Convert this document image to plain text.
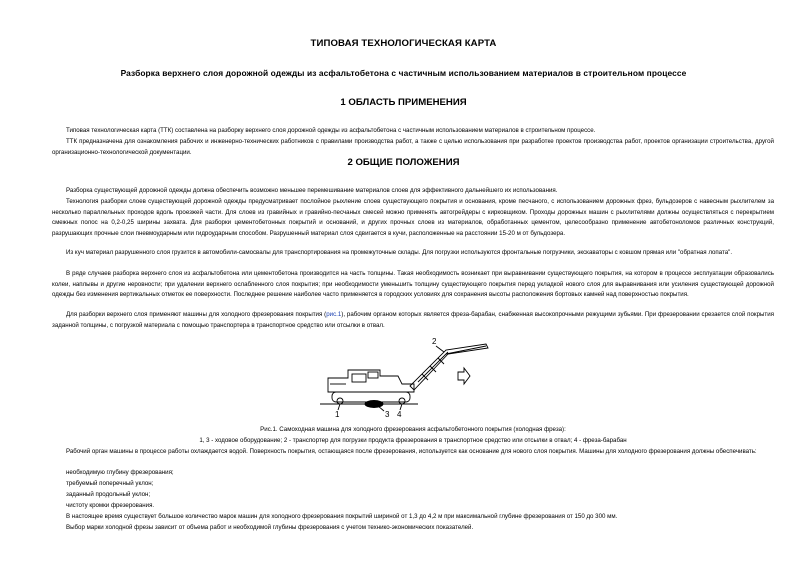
ТИПОВАЯ ТЕХНОЛОГИЧЕСКАЯ КАРТА
Разборка верхнего слоя дорожной одежды из асфальтобетона с частичным использованием материалов в строительном процессе
1 ОБЛАСТЬ ПРИМЕНЕНИЯ
Типовая технологическая карта (ТТК) составлена на разборку верхнего слоя дорожной одежды из асфальтобетона с частичным использованием материалов в строительном процессе.
ТТК предназначена для ознакомления рабочих и инженерно-технических работников с правилами производства работ, а также с целью использования при разработке проектов производства работ, проектов организации строительства, другой организационно-технологической документации.
2 ОБЩИЕ ПОЛОЖЕНИЯ
Разборка существующей дорожной одежды должна обеспечить возможно меньшее перемешивание материалов слоев для эффективного дальнейшего их использования.
Технология разборки слоев существующей дорожной одежды предусматривает послойное рыхление слоев существующего покрытия и основания, кроме песчаного, с использованием дорожных фрез, бульдозеров с навесным рыхлителем за несколько параллельных проходов вдоль проезжей части. Для слоев из гравийных и гравийно-песчаных смесей можно применять автогрейдеры с кирковщиком. Проходы дорожных машин с рыхлителями должны осуществляться с перекрытием смежных полос на 0,2-0,25 ширины захвата. Для разборки цементобетонных покрытий и оснований, и других прочных слоев из материалов, обработанных цементом, целесообразно применение автобетоноломов различных конструкций, разрушающих прочные слои пневмоударным или гидроударным способом. Разрушенный материал слоя сдвигается в кучи, расположенные на расстоянии 15-20 м от бульдозера.
Из куч материал разрушенного слоя грузится в автомобили-самосвалы для транспортирования на промежуточные склады. Для погрузки используются фронтальные погрузчики, экскаваторы с ковшом прямая или "обратная лопата".
В ряде случаев разборка верхнего слоя из асфальтобетона или цементобетона производится на часть толщины. Такая необходимость возникает при выравнивании существующего покрытия, на котором в процессе эксплуатации образовались колеи, наплывы и другие неровности; при удалении верхнего ослабленного слоя покрытия; при необходимости уменьшить толщину существующего покрытия перед укладкой нового слоя для выравнивания или усиления существующей дорожной одежды без изменения вертикальных отметок ее поверхности. Последнее решение наиболее часто применяется в городских условиях для сохранения высоты расположения бортовых камней над поверхностью покрытия.
Для разборки верхнего слоя применяют машины для холодного фрезерования покрытия (рис.1), рабочим органом которых является фреза-барабан, снабженная высокопрочными режущими зубьями. При фрезеровании срезается слой покрытия заданной толщины, с погрузкой материала с помощью транспортера в транспортное средство или отсылки в отвал.
2
1	3 4
Рис.1. Самоходная машина для холодного фрезерования асфальтобетонного покрытия (холодная фреза):
1, 3 - ходовое оборудование; 2 - транспортер для погрузки продукта фрезерования в транспортное средство или отсылки в отвал; 4 - фреза-барабан
Рабочий орган машины в процессе работы охлаждается водой. Поверхность покрытия, остающаяся после фрезерования, используется как основание для нового слоя покрытия. Машины для холодного фрезерования должны обеспечивать:
необходимую глубину фрезерования;
требуемый поперечный уклон;
заданный продольный уклон;
чистоту кромки фрезерования.
В настоящее время существует большое количество марок машин для холодного фрезерования покрытий шириной от 1,3 до 4,2 м при максимальной глубине фрезерования от 150 до 300 мм.
Выбор марки холодной фрезы зависит от объема работ и необходимой глубины фрезерования с учетом технико-экономических показателей.
